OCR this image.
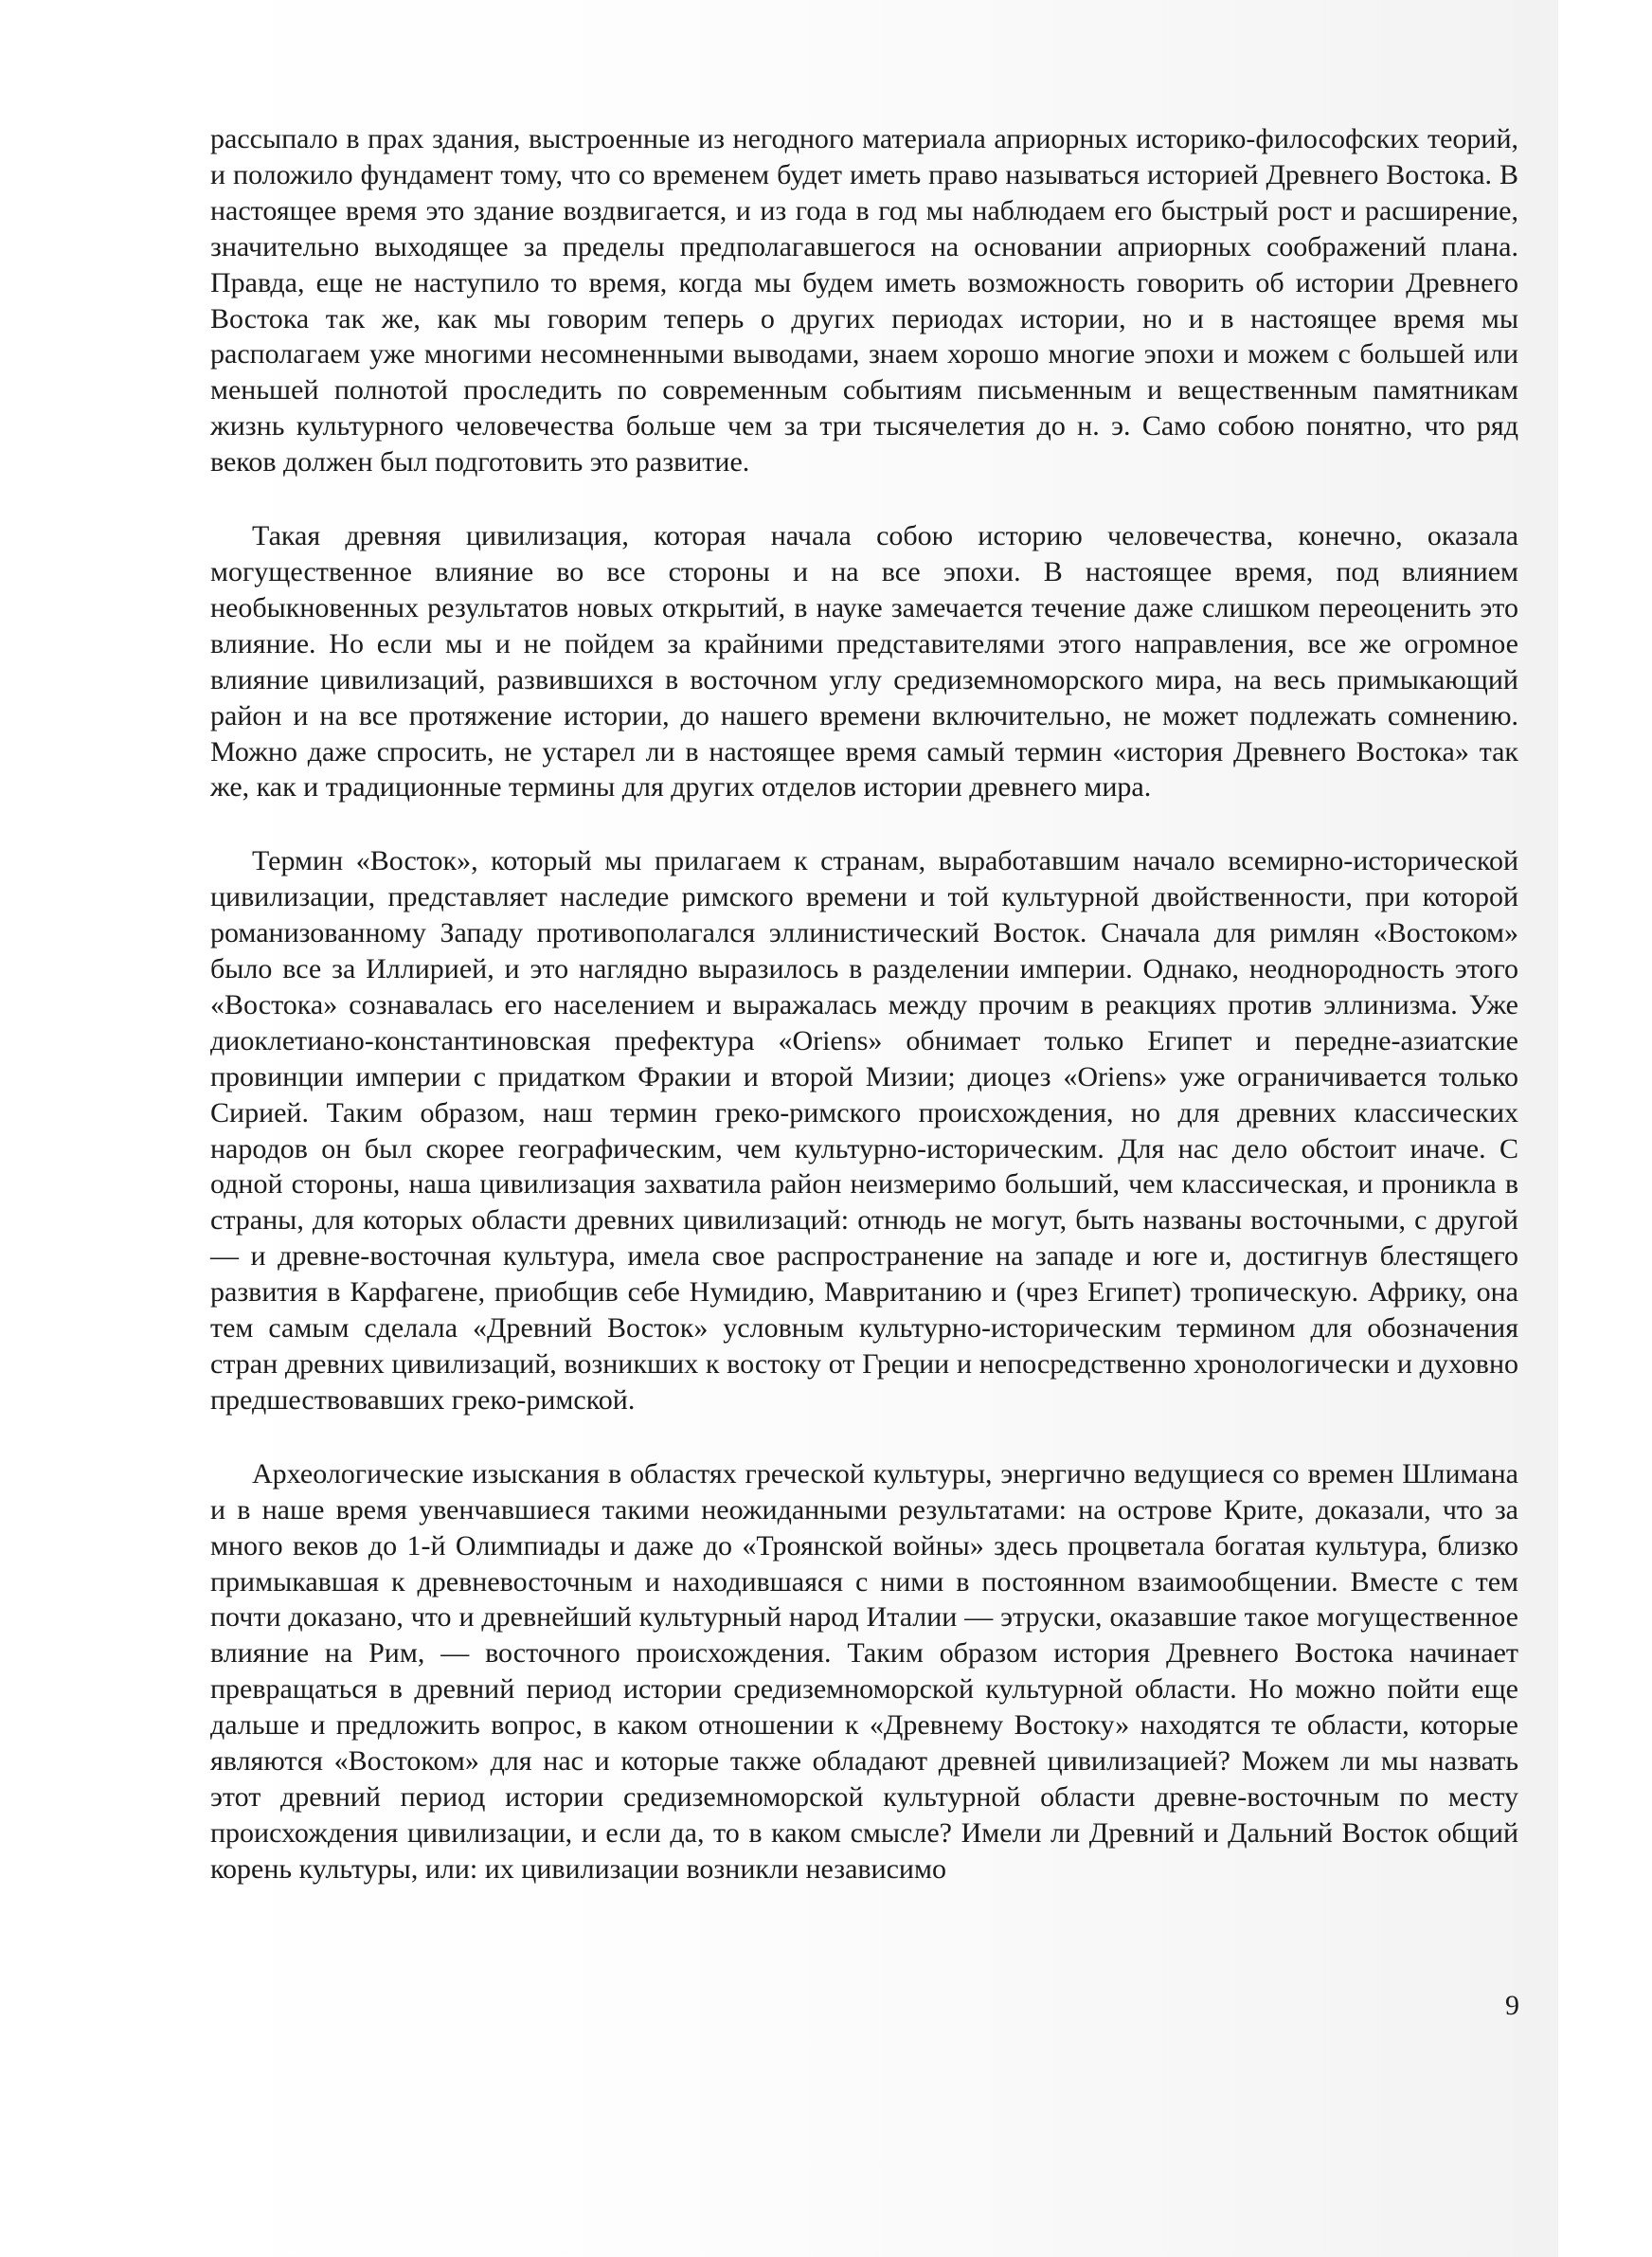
рассыпало в прах здания, выстроенные из негодного материала априорных историко-философских теорий, и положило фундамент тому, что со временем будет иметь право называться историей Древнего Востока. В настоящее время это здание воздвигается, и из года в год мы наблюдаем его быстрый рост и расширение, значительно выходящее за пределы предполагавшегося на основании априорных соображений плана. Правда, еще не наступило то время, когда мы будем иметь возможность говорить об истории Древнего Востока так же, как мы говорим теперь о других периодах истории, но и в настоящее время мы располагаем уже многими несомненными выводами, знаем хорошо многие эпохи и можем с большей или меньшей полнотой проследить по современным событиям письменным и вещественным памятникам жизнь культурного человечества больше чем за три тысячелетия до н. э. Само собою понятно, что ряд веков должен был подготовить это развитие.

Такая древняя цивилизация, которая начала собою историю человечества, конечно, оказала могущественное влияние во все стороны и на все эпохи. В настоящее время, под влиянием необыкновенных результатов новых открытий, в науке замечается течение даже слишком переоценить это влияние. Но если мы и не пойдем за крайними представителями этого направления, все же огромное влияние цивилизаций, развившихся в восточном углу средиземноморского мира, на весь примыкающий район и на все протяжение истории, до нашего времени включительно, не может подлежать сомнению. Можно даже спросить, не устарел ли в настоящее время самый термин «история Древнего Востока» так же, как и традиционные термины для других отделов истории древнего мира.

Термин «Восток», который мы прилагаем к странам, выработавшим начало всемирно-исторической цивилизации, представляет наследие римского времени и той культурной двойственности, при которой романизованному Западу противополагался эллинистический Восток. Сначала для римлян «Востоком» было все за Иллирией, и это наглядно выразилось в разделении империи. Однако, неоднородность этого «Востока» сознавалась его населением и выражалась между прочим в реакциях против эллинизма. Уже диоклетиано-константиновская префектура «Oriens» обнимает только Египет и передне-азиатские провинции империи с придатком Фракии и второй Мизии; диоцез «Oriens» уже ограничивается только Сирией. Таким образом, наш термин греко-римского происхождения, но для древних классических народов он был скорее географическим, чем культурно-историческим. Для нас дело обстоит иначе. С одной стороны, наша цивилизация захватила район неизмеримо больший, чем классическая, и проникла в страны, для которых области древних цивилизаций: отнюдь не могут, быть названы восточными, с другой — и древне-восточная культура, имела свое распространение на западе и юге и, достигнув блестящего развития в Карфагене, приобщив себе Нумидию, Мавританию и (чрез Египет) тропическую. Африку, она тем самым сделала «Древний Восток» условным культурно-историческим термином для обозначения стран древних цивилизаций, возникших к востоку от Греции и непосредственно хронологически и духовно предшествовавших греко-римской.

Археологические изыскания в областях греческой культуры, энергично ведущиеся со времен Шлимана и в наше время увенчавшиеся такими неожиданными результатами: на острове Крите, доказали, что за много веков до 1-й Олимпиады и даже до «Троянской войны» здесь процветала богатая культура, близко примыкавшая к древневосточным и находившаяся с ними в постоянном взаимообщении. Вместе с тем почти доказано, что и древнейший культурный народ Италии — этруски, оказавшие такое могущественное влияние на Рим, — восточного происхождения. Таким образом история Древнего Востока начинает превращаться в древний период истории средиземноморской культурной области. Но можно пойти еще дальше и предложить вопрос, в каком отношении к «Древнему Востоку» находятся те области, которые являются «Востоком» для нас и которые также обладают древней цивилизацией? Можем ли мы назвать этот древний период истории средиземноморской культурной области древне-восточным по месту происхождения цивилизации, и если да, то в каком смысле? Имели ли Древний и Дальний Восток общий корень культуры, или: их цивилизации возникли независимо

9
